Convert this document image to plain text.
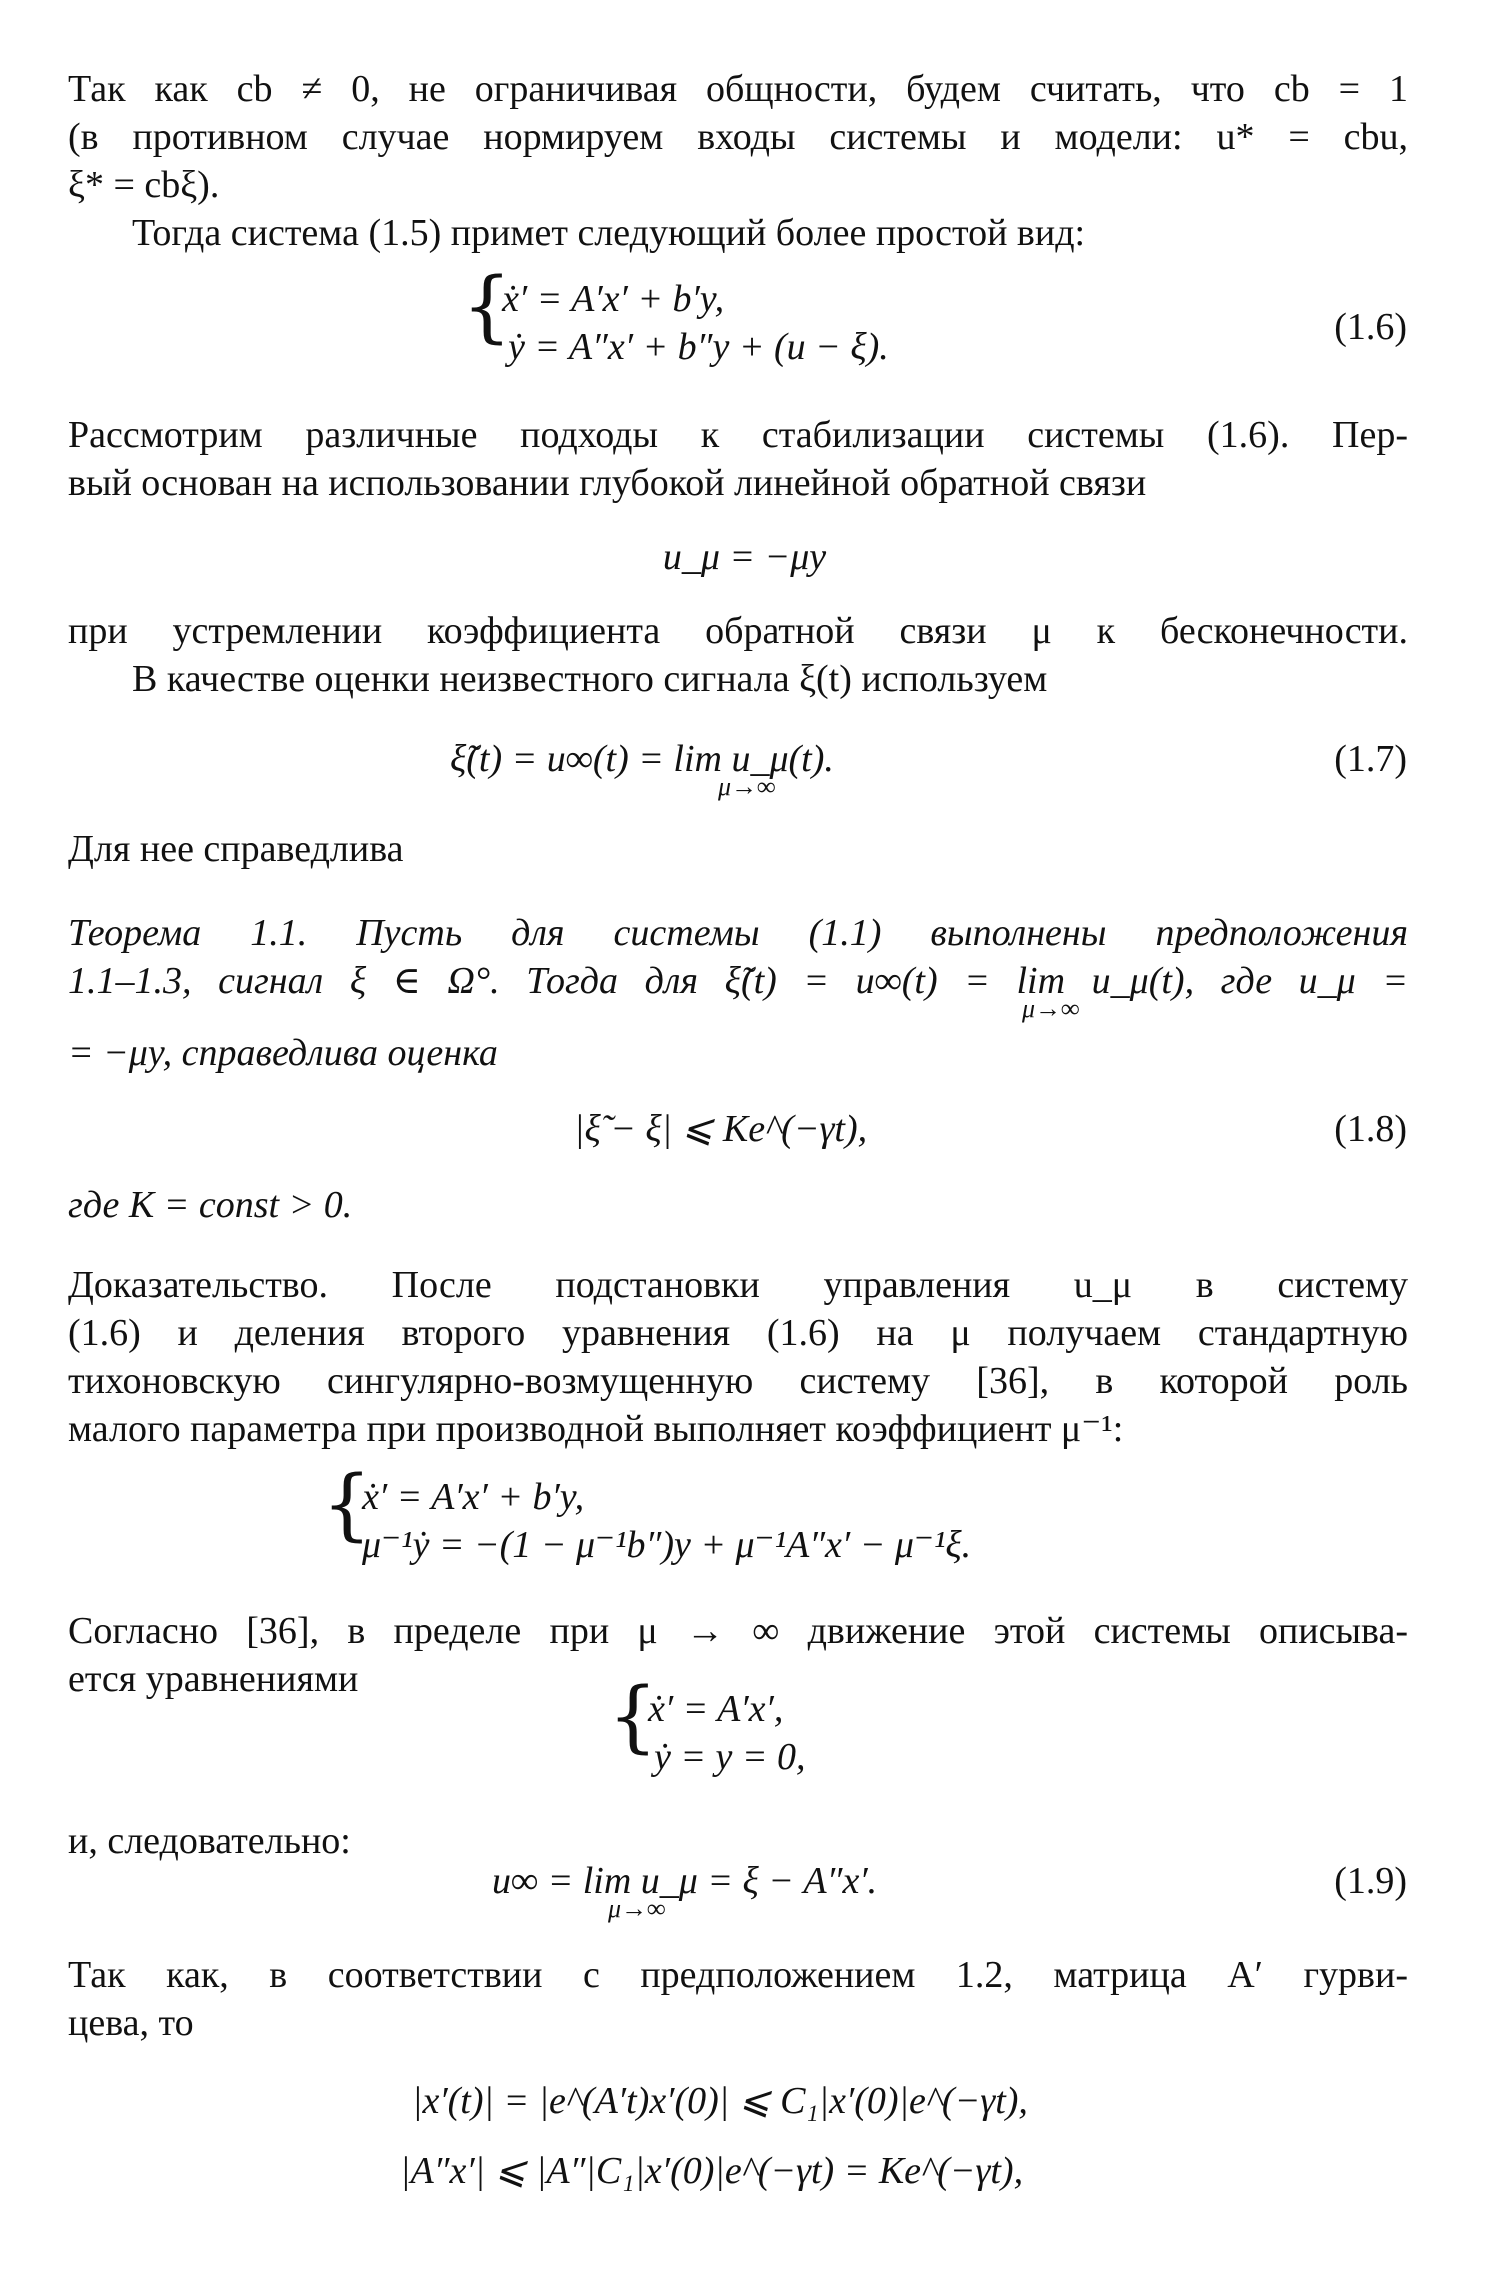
Так как cb ≠ 0, не ограничивая общности, будем считать, что cb = 1
(в противном случае нормируем входы системы и модели: u* = cbu,
ξ* = cbξ).
Тогда система (1.5) примет следующий более простой вид:
{
ẋ′ = A′x′ + b′y,
ẏ = A″x′ + b″y + (u − ξ).	(1.6)
Рассмотрим различные подходы к стабилизации системы (1.6). Пер-
вый основан на использовании глубокой линейной обратной связи
u_μ = −μy
при устремлении коэффициента обратной связи μ к бесконечности.
В качестве оценки неизвестного сигнала ξ(t) используем
ξ̃(t) = u∞(t) = lim u_μ(t).
μ→∞
(1.7)
Для нее справедлива
Теорема 1.1. Пусть для системы (1.1) выполнены предположения
1.1–1.3, сигнал ξ ∈ Ω°. Тогда для ξ̃(t) = u∞(t) = lim u_μ(t), где u_μ =
μ→∞
= −μy, справедлива оценка
|ξ̃ − ξ| ⩽ Ke^(−γt),	(1.8)
где K = const > 0.
Доказательство. После подстановки управления u_μ в систему
(1.6) и деления второго уравнения (1.6) на μ получаем стандартную
тихоновскую сингулярно-возмущенную систему [36], в которой роль
малого параметра при производной выполняет коэффициент μ⁻¹:
{
ẋ′ = A′x′ + b′y,
μ⁻¹ẏ = −(1 − μ⁻¹b″)y + μ⁻¹A″x′ − μ⁻¹ξ.
Согласно [36], в пределе при μ → ∞ движение этой системы описыва-
ется уравнениями	{
ẋ′ = A′x′,
ẏ = y = 0,
и, следовательно:
u∞ = lim u_μ = ξ − A″x′.
μ→∞
(1.9)
Так как, в соответствии с предположением 1.2, матрица A′ гурви-
цева, то
|x′(t)| = |e^(A′t)x′(0)| ⩽ C₁|x′(0)|e^(−γt),
|A″x′| ⩽ |A″|C₁|x′(0)|e^(−γt) = Ke^(−γt),
